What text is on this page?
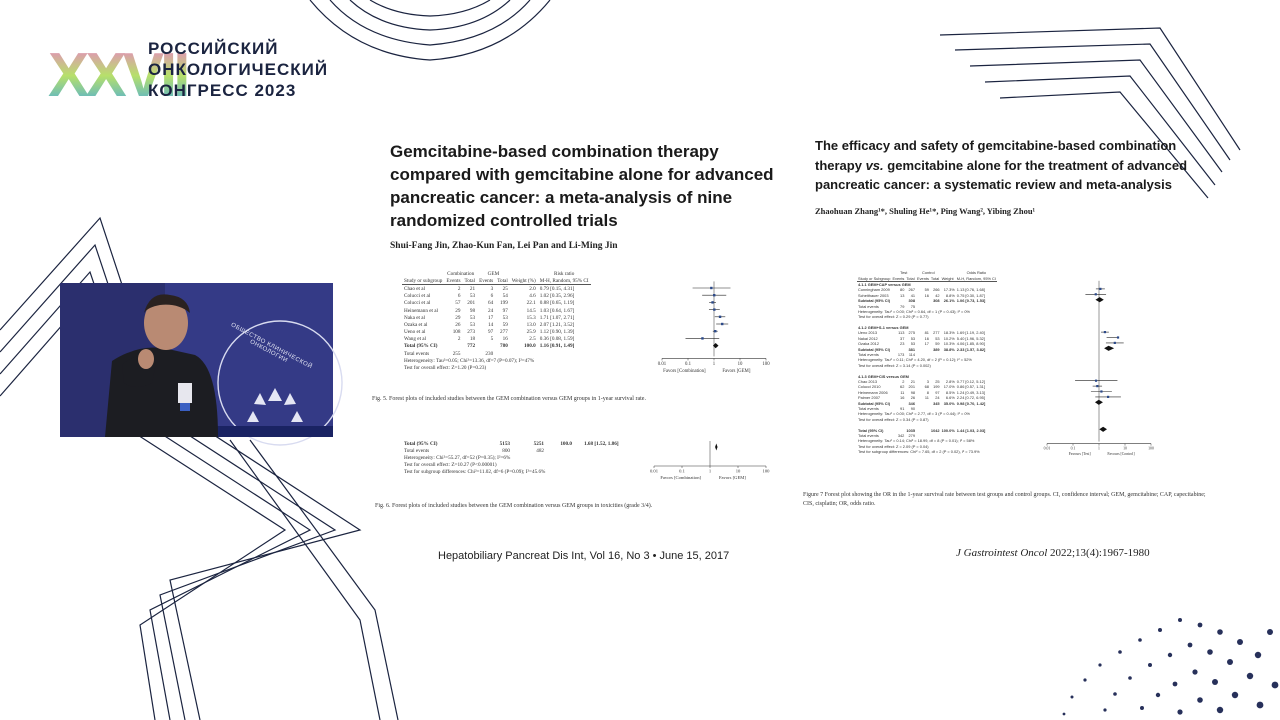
XXVII
РОССИЙСКИЙ
ОНКОЛОГИЧЕСКИЙ
КОНГРЕСС 2023
ОБЩЕСТВО КЛИНИЧЕСКОЙ ОНКОЛОГИИ
Gemcitabine-based combination therapy compared with gemcitabine alone for advanced pancreatic cancer: a meta-analysis of nine randomized controlled trials
Shui-Fang Jin, Zhao-Kun Fan, Lei Pan and Li-Ming Jin
	Combination		GEM			Risk ratio
Study or subgroup	Events	Total	Events	Total	Weight (%)	M-H, Random, 95% CI
Chao et al	2	21	3	25	2.0	0.79 [0.15, 4.31]
Colucci et al	6	53	6	54	4.6	1.02 [0.35, 2.96]
Colucci et al	57	201	64	199	22.1	0.88 [0.65, 1.19]
Heinemann et al	29	98	24	97	14.5	1.03 [0.64, 1.67]
Naka et al	29	53	17	53	15.3	1.71 [1.07, 2.71]
Ozaka et al	26	53	14	59	13.0	2.07 [1.21, 3.52]
Ueno et al	108	273	97	277	25.9	1.12 [0.90, 1.39]
Wang et al	2	18	5	16	2.5	0.36 [0.08, 1.59]
Total (95% CI)		772		780	100.0	1.16 [0.91, 1.49]
Total events	255		230			
Heterogeneity: Tau²=0.05; Chi²=13.36, df=7 (P=0.07); I²=47%						
Test for overall effect: Z=1.20 (P=0.23)						
0.01	0.1	1	10	100
Favors [Combination]	Favors [GEM]
Fig. 5. Forest plots of included studies between the GEM combination versus GEM groups in 1-year survival rate.
Total (95% CI)	5153	5251	100.0	1.68 [1.52, 1.86]
Total events	800	482		
Heterogeneity: Chi²=55.27, df=52 (P=0.35); I²=6%				
Test for overall effect: Z=10.27 (P<0.00001)				
Test for subgroup differences: Chi²=11.02, df=6 (P=0.09); I²=45.6%					0.01	0.1	1	10	100
Favors [Combination]	Favors [GEM]
Fig. 6. Forest plots of included studies between the GEM combination versus GEM groups in toxicities (grade 3/4).
Hepatobiliary Pancreat Dis Int, Vol 16, No 3 • June 15, 2017
The efficacy and safety of gemcitabine-based combination therapy vs. gemcitabine alone for the treatment of advanced pancreatic cancer: a systematic review and meta-analysis
Zhaohuan Zhang¹*, Shuling He¹*, Ping Wang², Yibing Zhou¹
	Test		Control			Odds Ratio
Study or Subgroup	Events	Total	Events	Total	Weight	M-H, Random, 95% CI
4.1.1 GEM+CAP versus GEM						
Cunningham 2009	80	267	59	266	17.3%	1.13 [0.76, 1.68]
Scheithauer 2003	13	41	16	42	8.8%	0.75 [0.30, 1.87]
Subtotal (95% CI)		308		308	26.1%	1.06 [0.73, 1.53]
Total events	79	75				
Heterogeneity: Tau² = 0.00; Chi² = 0.64, df = 1 (P = 0.43); I² = 0%						
Test for overall effect: Z = 0.29 (P = 0.77)						

4.1.2 GEM+S-1 versus GEM						
Ueno 2013	113	275	81	277	18.3%	1.69 [1.19, 2.40]
Nakai 2012	37	53	16	53	10.2%	5.40 [1.96, 5.32]
Ozaka 2012	23	53	17	59	10.3%	4.06 [1.85, 8.90]
Subtotal (95% CI)		381		389	38.8%	2.33 [1.57, 3.82]
Total events	173	114				
Heterogeneity: Tau² = 0.11; Chi² = 4.20, df = 2 (P = 0.12); I² = 52%						
Test for overall effect: Z = 3.14 (P = 0.002)						

4.1.3 GEM+CIS versus GEM						
Chao 2013	2	21	3	25	2.8%	0.77 [0.12, 5.12]
Colucci 2010	62	201	68	199	17.0%	0.86 [0.57, 1.31]
Heinemann 2006	11	98	8	97	8.5%	1.24 [0.49, 3.13]
Palmer 2007	16	26	11	24	6.6%	2.24 [0.72, 6.95]
Subtotal (95% CI)		346		345	35.0%	0.98 [0.70, 1.42]
Total events	91	90				
Heterogeneity: Tau² = 0.00; Chi² = 2.77, df = 3 (P = 0.44); I² = 0%						
Test for overall effect: Z = 0.34 (P = 0.87)						

Total (95% CI)		1035		1042	100.0%	1.44 [1.03, 2.03]
Total events	342	279				
Heterogeneity: Tau² = 0.14; Chi² = 18.99, df = 8 (P = 0.01); I² = 58%						
Test for overall effect: Z = 2.09 (P = 0.04)						
Test for subgroup differences: Chi² = 7.65, df = 2 (P = 0.02), I² = 73.9%						
0.01	0.1	1	10	100
Favours [Test]	Favours [Control]
Figure 7 Forest plot showing the OR in the 1-year survival rate between test groups and control groups. CI, confidence interval; GEM, gemcitabine; CAP, capecitabine; CIS, cisplatin; OR, odds ratio.
J Gastrointest Oncol 2022;13(4):1967-1980
